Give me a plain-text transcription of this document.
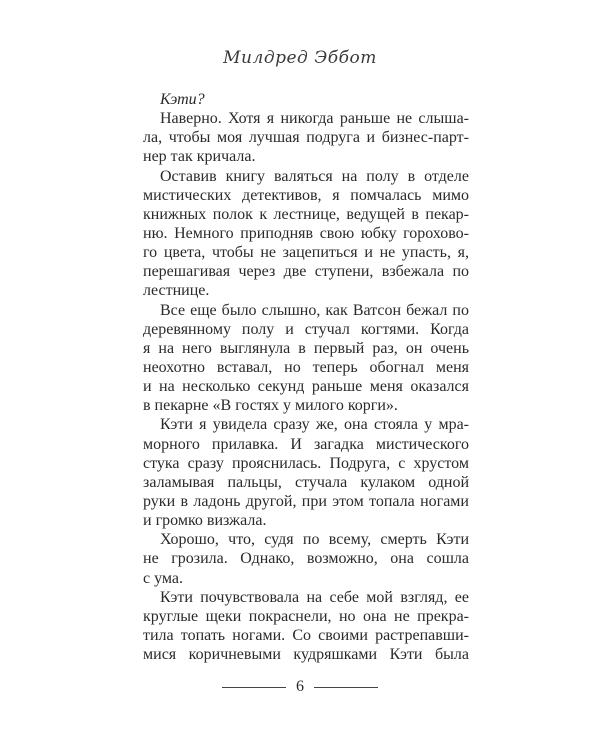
Милдред Эббот
Кэти?
Наверно. Хотя я никогда раньше не слыша-
ла, чтобы моя лучшая подруга и бизнес-парт-
нер так кричала.
Оставив книгу валяться на полу в отделе
мистических детективов, я помчалась мимо
книжных полок к лестнице, ведущей в пекар-
ню. Немного приподняв свою юбку горохово-
го цвета, чтобы не зацепиться и не упасть, я,
перешагивая через две ступени, взбежала по
лестнице.
Все еще было слышно, как Ватсон бежал по
деревянному полу и стучал когтями. Когда
я на него выглянула в первый раз, он очень
неохотно вставал, но теперь обогнал меня
и на несколько секунд раньше меня оказался
в пекарне «В гостях у милого корги».
Кэти я увидела сразу же, она стояла у мра-
морного прилавка. И загадка мистического
стука сразу прояснилась. Подруга, с хрустом
заламывая пальцы, стучала кулаком одной
руки в ладонь другой, при этом топала ногами
и громко визжала.
Хорошо, что, судя по всему, смерть Кэти
не грозила. Однако, возможно, она сошла
с ума.
Кэти почувствовала на себе мой взгляд, ее
круглые щеки покраснели, но она не прекра-
тила топать ногами. Со своими растрепавши-
мися коричневыми кудряшками Кэти была
6
